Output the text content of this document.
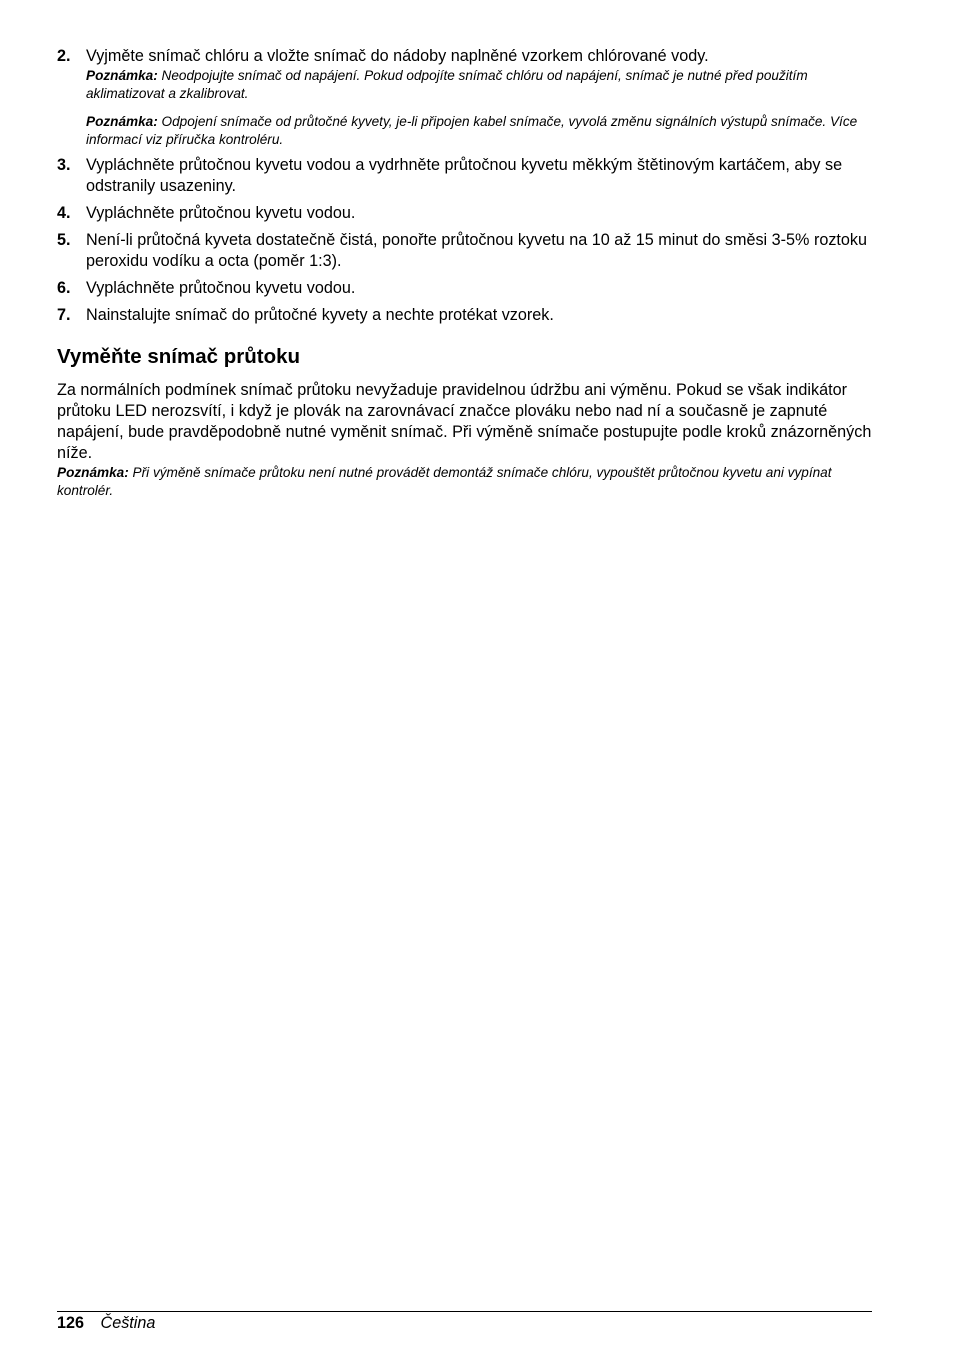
2. Vyjměte snímač chlóru a vložte snímač do nádoby naplněné vzorkem chlórované vody.
Poznámka: Neodpojujte snímač od napájení. Pokud odpojíte snímač chlóru od napájení, snímač je nutné před použitím aklimatizovat a zkalibrovat.
Poznámka: Odpojení snímače od průtočné kyvety, je-li připojen kabel snímače, vyvolá změnu signálních výstupů snímače. Více informací viz příručka kontroléru.
3. Vypláchněte průtočnou kyvetu vodou a vydrhněte průtočnou kyvetu měkkým štětinovým kartáčem, aby se odstranily usazeniny.
4. Vypláchněte průtočnou kyvetu vodou.
5. Není-li průtočná kyveta dostatečně čistá, ponořte průtočnou kyvetu na 10 až 15 minut do směsi 3-5% roztoku peroxidu vodíku a octa (poměr 1:3).
6. Vypláchněte průtočnou kyvetu vodou.
7. Nainstalujte snímač do průtočné kyvety a nechte protékat vzorek.
Vyměňte snímač průtoku
Za normálních podmínek snímač průtoku nevyžaduje pravidelnou údržbu ani výměnu. Pokud se však indikátor průtoku LED nerozsvítí, i když je plovák na zarovnávací značce plováku nebo nad ní a současně je zapnuté napájení, bude pravděpodobně nutné vyměnit snímač. Při výměně snímače postupujte podle kroků znázorněných níže.
Poznámka: Při výměně snímače průtoku není nutné provádět demontáž snímače chlóru, vypouštět průtočnou kyvetu ani vypínat kontrolér.
126 Čeština
